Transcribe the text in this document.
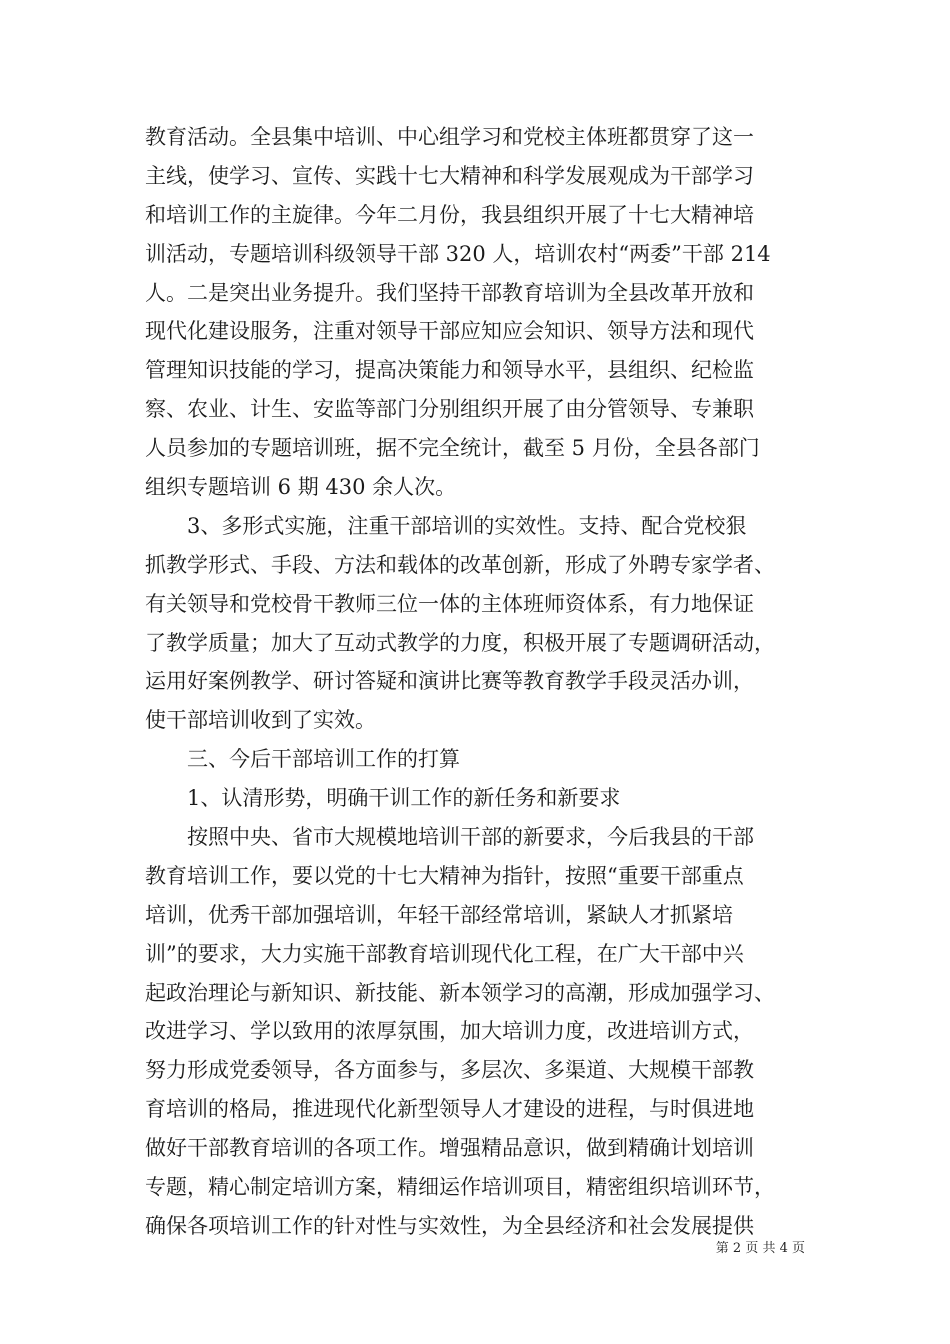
教育活动。全县集中培训、中心组学习和党校主体班都贯穿了这一
主线，使学习、宣传、实践十七大精神和科学发展观成为干部学习
和培训工作的主旋律。今年二月份，我县组织开展了十七大精神培
训活动，专题培训科级领导干部 320 人，培训农村“两委”干部 214
人。二是突出业务提升。我们坚持干部教育培训为全县改革开放和
现代化建设服务，注重对领导干部应知应会知识、领导方法和现代
管理知识技能的学习，提高决策能力和领导水平，县组织、纪检监
察、农业、计生、安监等部门分别组织开展了由分管领导、专兼职
人员参加的专题培训班，据不完全统计，截至 5 月份，全县各部门
组织专题培训 6 期 430 余人次。
　　3、多形式实施，注重干部培训的实效性。支持、配合党校狠
抓教学形式、手段、方法和载体的改革创新，形成了外聘专家学者、
有关领导和党校骨干教师三位一体的主体班师资体系，有力地保证
了教学质量；加大了互动式教学的力度，积极开展了专题调研活动，
运用好案例教学、研讨答疑和演讲比赛等教育教学手段灵活办训，
使干部培训收到了实效。
　　三、今后干部培训工作的打算
　　1、认清形势，明确干训工作的新任务和新要求
　　按照中央、省市大规模地培训干部的新要求，今后我县的干部
教育培训工作，要以党的十七大精神为指针，按照“重要干部重点
培训，优秀干部加强培训，年轻干部经常培训，紧缺人才抓紧培
训”的要求，大力实施干部教育培训现代化工程，在广大干部中兴
起政治理论与新知识、新技能、新本领学习的高潮，形成加强学习、
改进学习、学以致用的浓厚氛围，加大培训力度，改进培训方式，
努力形成党委领导，各方面参与，多层次、多渠道、大规模干部教
育培训的格局，推进现代化新型领导人才建设的进程，与时俱进地
做好干部教育培训的各项工作。增强精品意识，做到精确计划培训
专题，精心制定培训方案，精细运作培训项目，精密组织培训环节，
确保各项培训工作的针对性与实效性，为全县经济和社会发展提供
第 2 页 共 4 页
